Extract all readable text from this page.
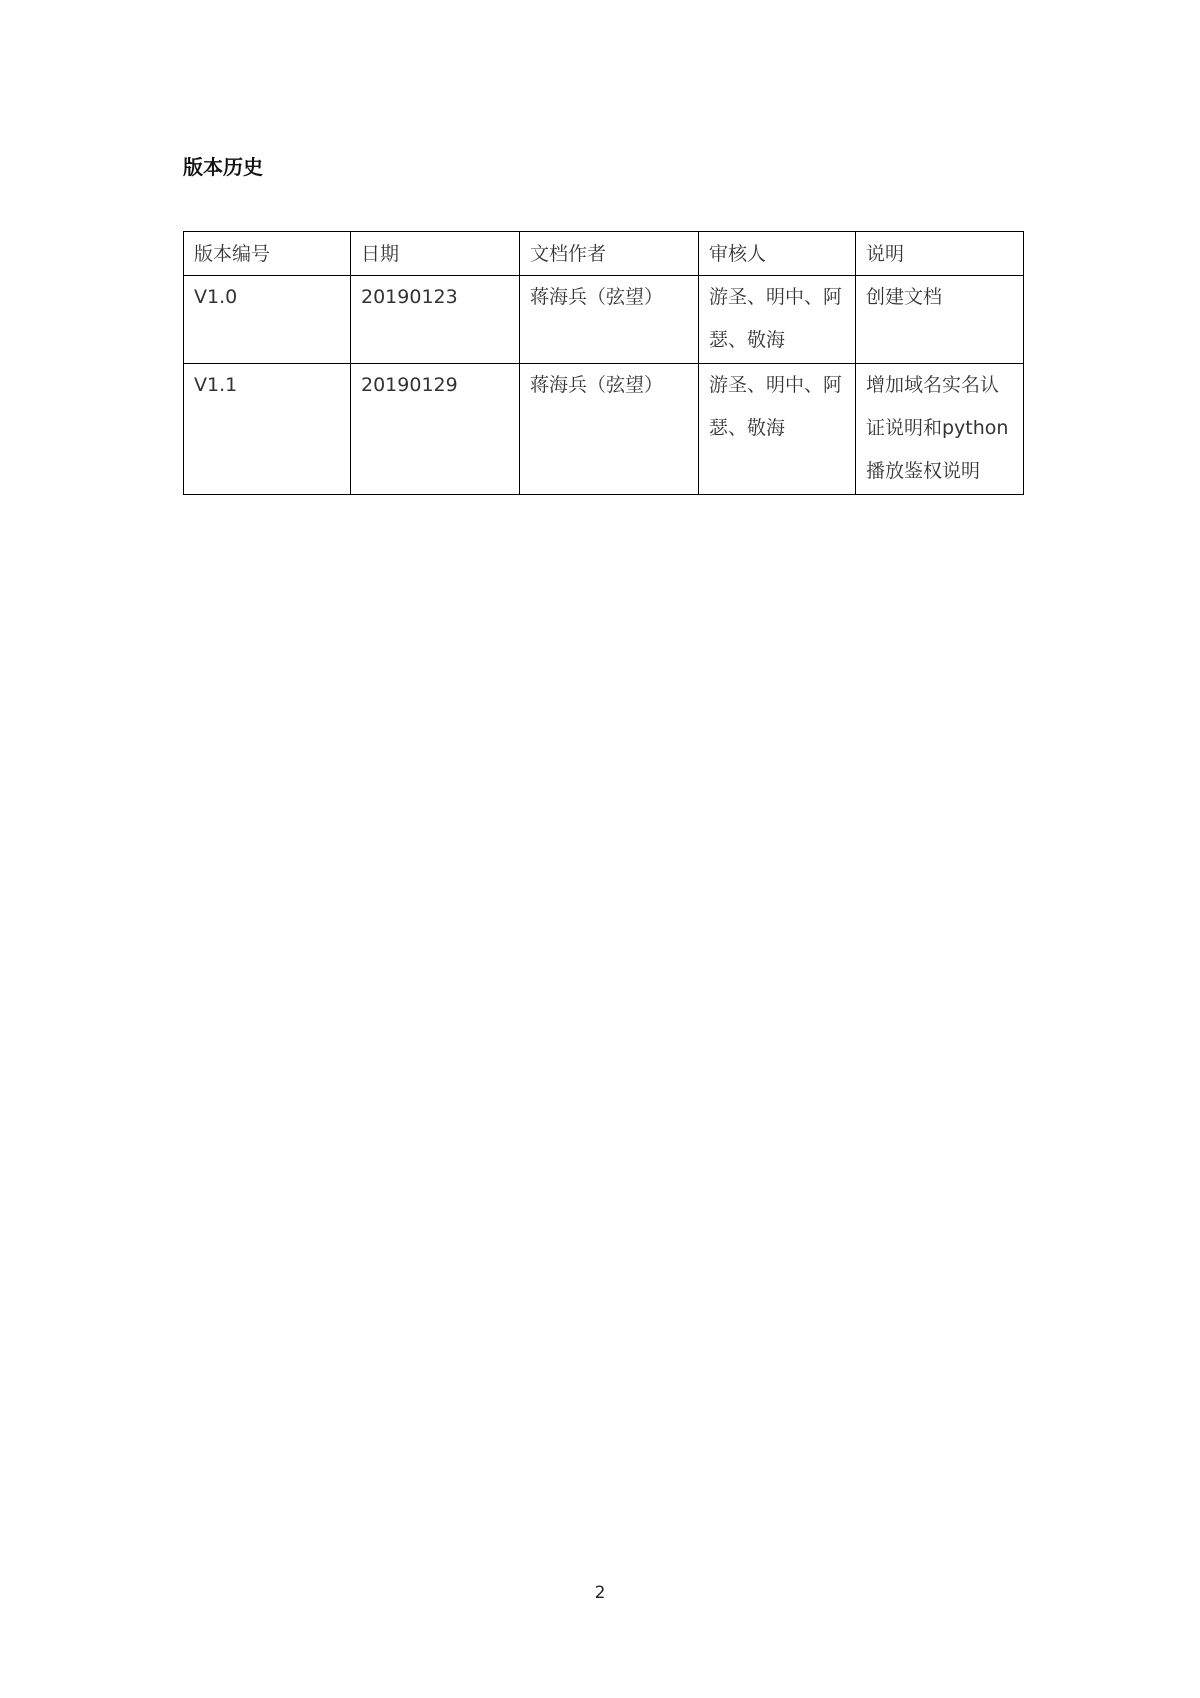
版本历史
版本编号	日期	文档作者	审核人	说明
V1.0	20190123	蒋海兵（弦望）	游圣、明中、阿瑟、敬海	创建文档
V1.1	20190129	蒋海兵（弦望）	游圣、明中、阿瑟、敬海	增加域名实名认证说明和python 播放鉴权说明
2
